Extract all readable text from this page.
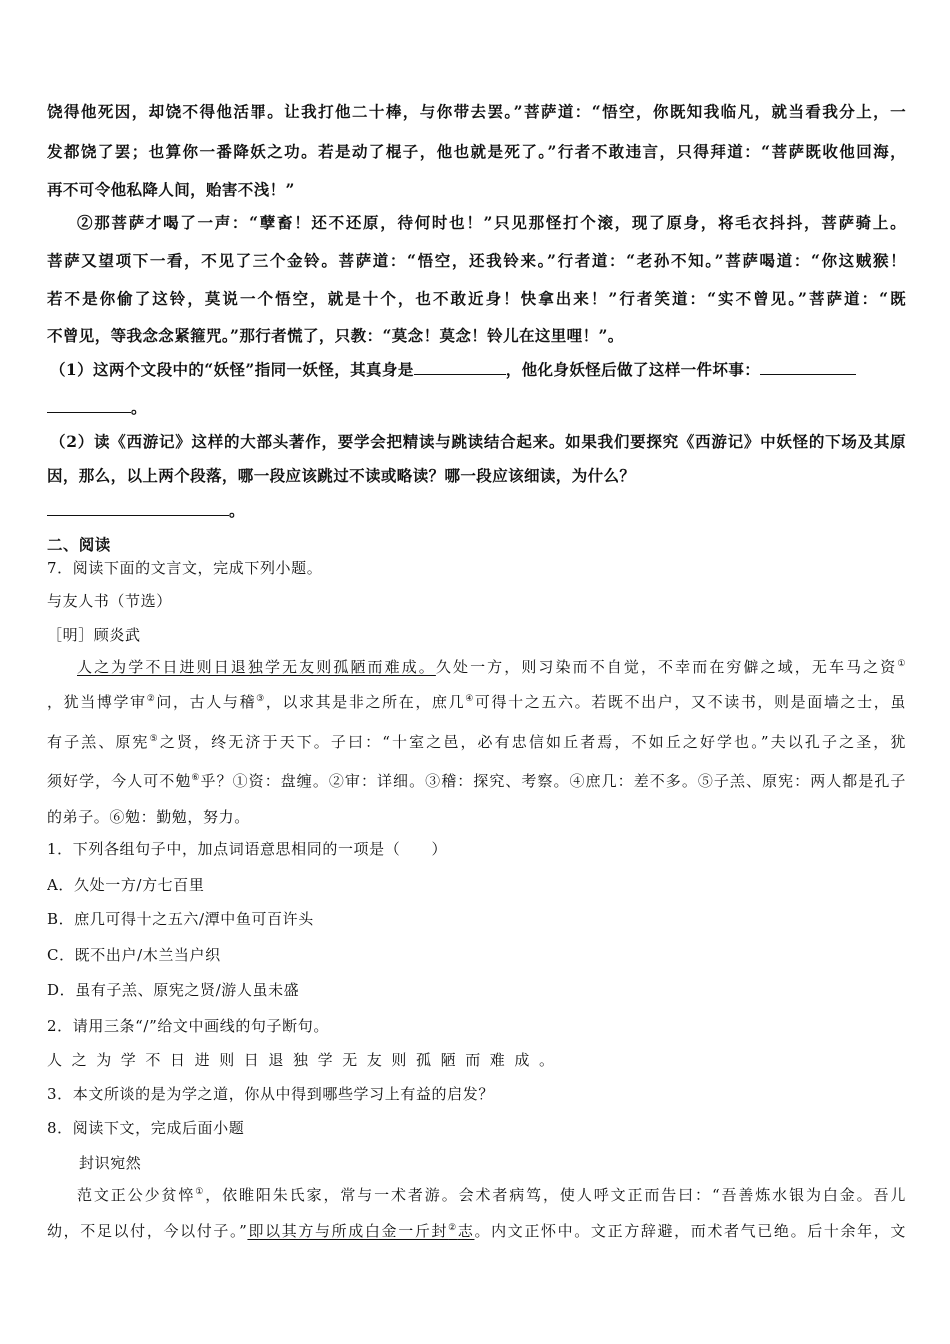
饶得他死因，却饶不得他活罪。让我打他二十棒，与你带去罢。”菩萨道：“悟空，你既知我临凡，就当看我分上，一
发都饶了罢；也算你一番降妖之功。若是动了棍子，他也就是死了。”行者不敢违言，只得拜道：“菩萨既收他回海，
再不可令他私降人间，贻害不浅！”
②那菩萨才喝了一声：“孽畜！还不还原，待何时也！”只见那怪打个滚，现了原身，将毛衣抖抖，菩萨骑上。
菩萨又望项下一看，不见了三个金铃。菩萨道：“悟空，还我铃来。”行者道：“老孙不知。”菩萨喝道：“你这贼猴！
若不是你偷了这铃，莫说一个悟空，就是十个，也不敢近身！快拿出来！”行者笑道：“实不曾见。”菩萨道：“既
不曾见，等我念念紧箍咒。”那行者慌了，只教：“莫念！莫念！铃儿在这里哩！”。
（1）这两个文段中的“妖怪”指同一妖怪，其真身是	，他化身妖怪后做了这样一件坏事：
。
（2）读《西游记》这样的大部头著作，要学会把精读与跳读结合起来。如果我们要探究《西游记》中妖怪的下场及其原
因，那么，以上两个段落，哪一段应该跳过不读或略读？哪一段应该细读，为什么？
。
二、阅读
7．阅读下面的文言文，完成下列小题。
与友人书（节选）
［明］顾炎武
人之为学不日进则日退独学无友则孤陋而难成。久处一方，则习染而不自觉，不幸而在穷僻之域，无车马之资①
，犹当博学审②问，古人与稽③，以求其是非之所在，庶几④可得十之五六。若既不出户，又不读书，则是面墙之士，虽
有子羔、原宪⑤之贤，终无济于天下。子曰：“十室之邑，必有忠信如丘者焉，不如丘之好学也。”夫以孔子之圣，犹
须好学，今人可不勉⑥乎？①资：盘缠。②审：详细。③稽：探究、考察。④庶几：差不多。⑤子羔、原宪：两人都是孔子
的弟子。⑥勉：勤勉，努力。
1．下列各组句子中，加点词语意思相同的一项是（　　）
A．久处一方/方七百里
B．庶几可得十之五六/潭中鱼可百许头
C．既不出户/木兰当户织
D．虽有子羔、原宪之贤/游人虽未盛
2．请用三条“/”给文中画线的句子断句。
人之为学不日进则日退独学无友则孤陋而难成。
3．本文所谈的是为学之道，你从中得到哪些学习上有益的启发？
8．阅读下文，完成后面小题
封识宛然
范文正公少贫悴①，依睢阳朱氏家，常与一术者游。会术者病笃，使人呼文正而告曰：“吾善炼水银为白金。吾儿
幼，不足以付，今以付子。”即以其方与所成白金一斤封②志。内文正怀中。文正方辞避，而术者气已绝。后十余年，文
